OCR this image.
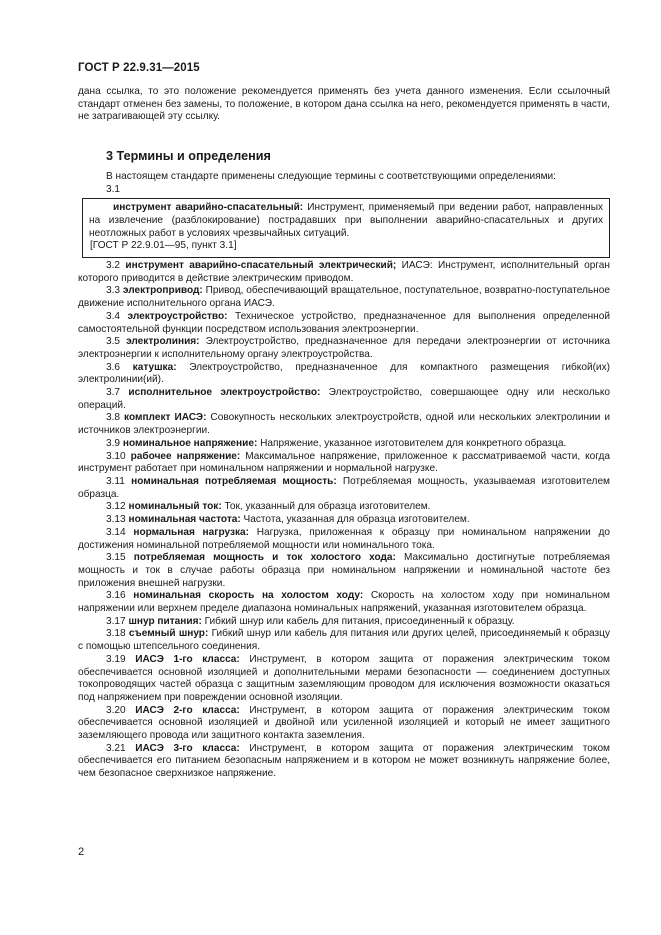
ГОСТ Р 22.9.31—2015

дана ссылка, то это положение рекомендуется применять без учета данного изменения. Если ссылочный стандарт отменен без замены, то положение, в котором дана ссылка на него, рекомендуется применять в части, не затрагивающей эту ссылку.

3 Термины и определения

В настоящем стандарте применены следующие термины с соответствующими определениями:

3.1

инструмент аварийно-спасательный: Инструмент, применяемый при ведении работ, направленных на извлечение (разблокирование) пострадавших при выполнении аварийно-спасательных и других неотложных работ в условиях чрезвычайных ситуаций.

[ГОСТ Р 22.9.01—95, пункт 3.1]

3.2 инструмент аварийно-спасательный электрический; ИАСЭ: Инструмент, исполнительный орган которого приводится в действие электрическим приводом.

3.3 электропривод: Привод, обеспечивающий вращательное, поступательное, возвратно-поступательное движение исполнительного органа ИАСЭ.

3.4 электроустройство: Техническое устройство, предназначенное для выполнения определенной самостоятельной функции посредством использования электроэнергии.

3.5 электролиния: Электроустройство, предназначенное для передачи электроэнергии от источника электроэнергии к исполнительному органу электроустройства.

3.6 катушка: Электроустройство, предназначенное для компактного размещения гибкой(их) электролинии(ий).

3.7 исполнительное электроустройство: Электроустройство, совершающее одну или несколько операций.

3.8 комплект ИАСЭ: Совокупность нескольких электроустройств, одной или нескольких электролинии и источников электроэнергии.

3.9 номинальное напряжение: Напряжение, указанное изготовителем для конкретного образца.

3.10 рабочее напряжение: Максимальное напряжение, приложенное к рассматриваемой части, когда инструмент работает при номинальном напряжении и нормальной нагрузке.

3.11 номинальная потребляемая мощность: Потребляемая мощность, указываемая изготовителем образца.

3.12 номинальный ток: Ток, указанный для образца изготовителем.

3.13 номинальная частота: Частота, указанная для образца изготовителем.

3.14 нормальная нагрузка: Нагрузка, приложенная к образцу при номинальном напряжении до достижения номинальной потребляемой мощности или номинального тока.

3.15 потребляемая мощность и ток холостого хода: Максимально достигнутые потребляемая мощность и ток в случае работы образца при номинальном напряжении и номинальной частоте без приложения внешней нагрузки.

3.16 номинальная скорость на холостом ходу: Скорость на холостом ходу при номинальном напряжении или верхнем пределе диапазона номинальных напряжений, указанная изготовителем образца.

3.17 шнур питания: Гибкий шнур или кабель для питания, присоединенный к образцу.

3.18 съемный шнур: Гибкий шнур или кабель для питания или других целей, присоединяемый к образцу с помощью штепсельного соединения.

3.19 ИАСЭ 1-го класса: Инструмент, в котором защита от поражения электрическим током обеспечивается основной изоляцией и дополнительными мерами безопасности — соединением доступных токопроводящих частей образца с защитным заземляющим проводом для исключения возможности оказаться под напряжением при повреждении основной изоляции.

3.20 ИАСЭ 2-го класса: Инструмент, в котором защита от поражения электрическим током обеспечивается основной изоляцией и двойной или усиленной изоляцией и который не имеет защитного заземляющего провода или защитного контакта заземления.

3.21 ИАСЭ 3-го класса: Инструмент, в котором защита от поражения электрическим током обеспечивается его питанием безопасным напряжением и в котором не может возникнуть напряжение более, чем безопасное сверхнизкое напряжение.

2
